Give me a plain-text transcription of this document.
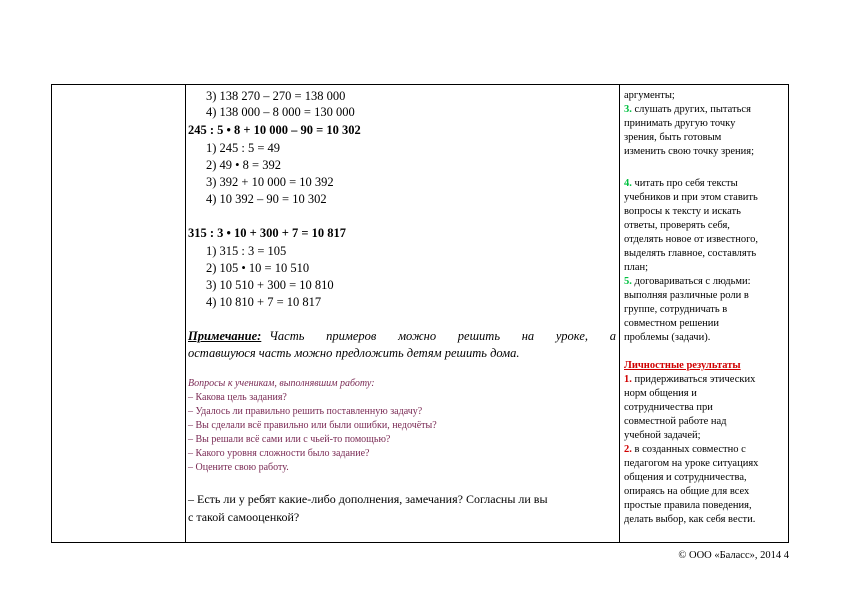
3) 138 270 – 270 = 138 000
4) 138 000 – 8 000 = 130 000
245 : 5 • 8 + 10 000 – 90 = 10 302
1) 245 : 5 = 49
2) 49 • 8 = 392
3) 392 + 10 000 = 10 392
4) 10 392 – 90 = 10 302
315 : 3 • 10 + 300 + 7 = 10 817
1) 315 : 3 = 105
2) 105 • 10 = 10 510
3) 10 510 + 300 = 10 810
4) 10 810 + 7 = 10 817
Примечание: Часть примеров можно решить на уроке, а
оставшуюся часть можно предложить детям решить дома.
Вопросы к ученикам, выполнявшим работу:
– Какова цель задания?
– Удалось ли правильно решить поставленную задачу?
– Вы сделали всё правильно или были ошибки, недочёты?
– Вы решали всё сами или с чьей-то помощью?
– Какого уровня сложности было задание?
– Оцените свою работу.
– Есть ли у ребят какие-либо дополнения, замечания? Согласны ли вы
с такой самооценкой?
аргументы;
3. слушать других, пытаться
принимать другую точку
зрения, быть готовым
изменить свою точку зрения;
4. читать про себя тексты
учебников и при этом ставить
вопросы к тексту и искать
ответы, проверять себя,
отделять новое от известного,
выделять главное, составлять
план;
5. договариваться с людьми:
выполняя различные роли в
группе, сотрудничать в
совместном решении
проблемы (задачи).
Личностные результаты
1. придерживаться этических
норм общения и
сотрудничества при
совместной работе над
учебной задачей;
2. в созданных совместно с
педагогом на уроке ситуациях
общения и сотрудничества,
опираясь на общие для всех
простые правила поведения,
делать выбор, как себя вести.
© ООО «Баласс», 2014 4
